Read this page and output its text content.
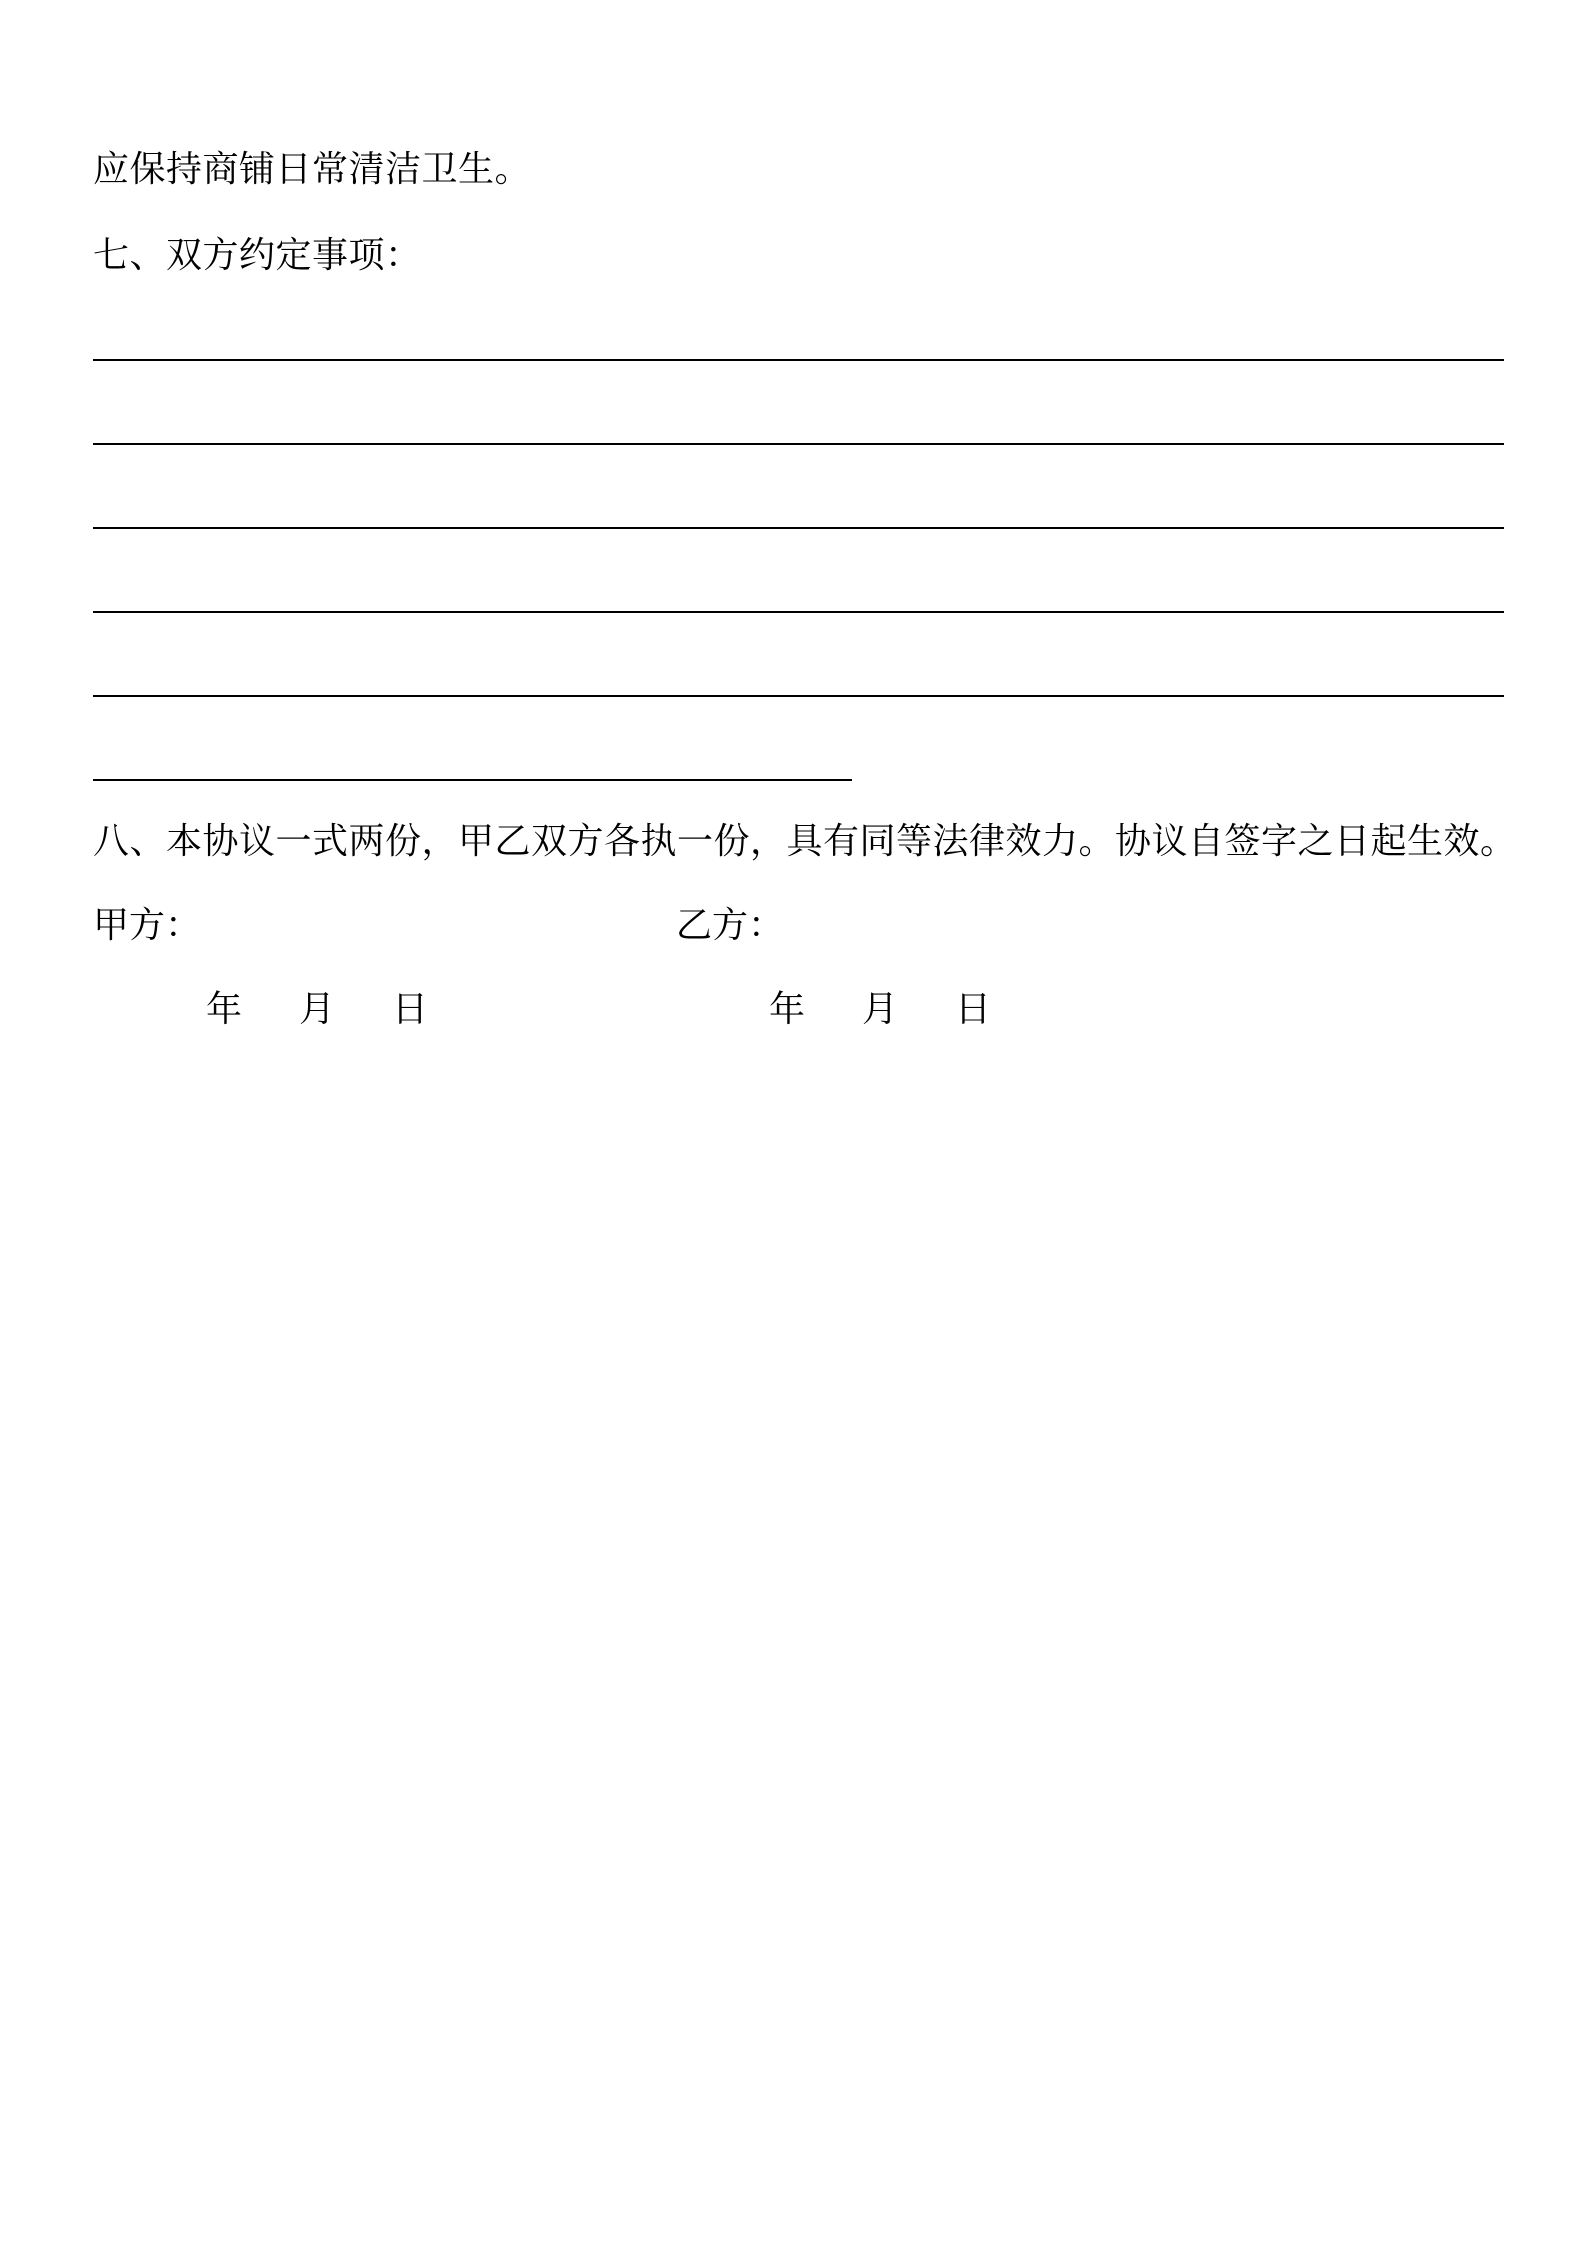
应保持商铺日常清洁卫生。
七、双方约定事项：
八、本协议一式两份，甲乙双方各执一份，具有同等法律效力。协议自签字之日起生效。
甲方：	乙方：
年 月 日	年 月 日
